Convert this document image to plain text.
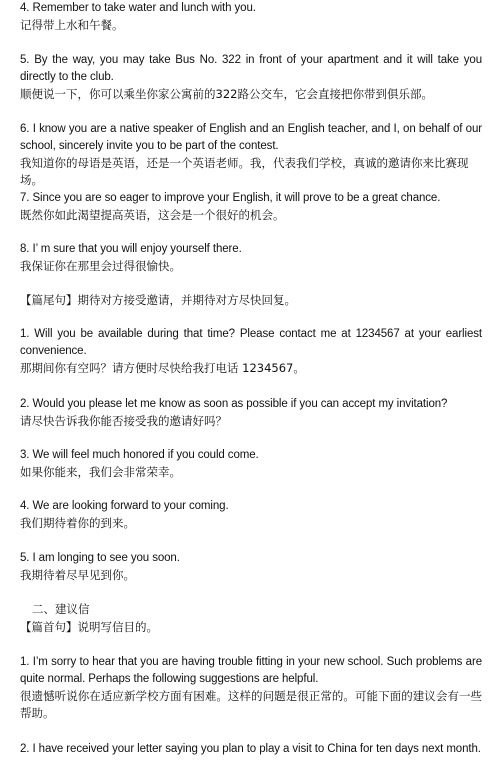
4. Remember to take water and lunch with you.

记得带上水和午餐。

5. By the way, you may take Bus No. 322 in front of your apartment and it will take you directly to the club.

顺便说一下，你可以乘坐你家公寓前的322路公交车，它会直接把你带到俱乐部。

6. I know you are a native speaker of English and an English teacher, and I, on behalf of our school, sincerely invite you to be part of the contest.

我知道你的母语是英语，还是一个英语老师。我，代表我们学校，真诚的邀请你来比赛现场。

7. Since you are so eager to improve your English, it will prove to be a great chance.

既然你如此渴望提高英语，这会是一个很好的机会。

8. I’ m sure that you will enjoy yourself there.

我保证你在那里会过得很愉快。

【篇尾句】期待对方接受邀请，并期待对方尽快回复。

1. Will you be available during that time? Please contact me at 1234567 at your earliest convenience.

那期间你有空吗？请方便时尽快给我打电话 1234567。

2. Would you please let me know as soon as possible if you can accept my invitation?

请尽快告诉我你能否接受我的邀请好吗？

3. We will feel much honored if you could come.

如果你能来，我们会非常荣幸。

4. We are looking forward to your coming.

我们期待着你的到来。

5. I am longing to see you soon.

我期待着尽早见到你。

二、建议信

【篇首句】说明写信目的。

1. I’m sorry to hear that you are having trouble fitting in your new school. Such problems are quite normal. Perhaps the following suggestions are helpful.

很遗憾听说你在适应新学校方面有困难。这样的问题是很正常的。可能下面的建议会有一些帮助。

2. I have received your letter saying you plan to play a visit to China for ten days next month.
